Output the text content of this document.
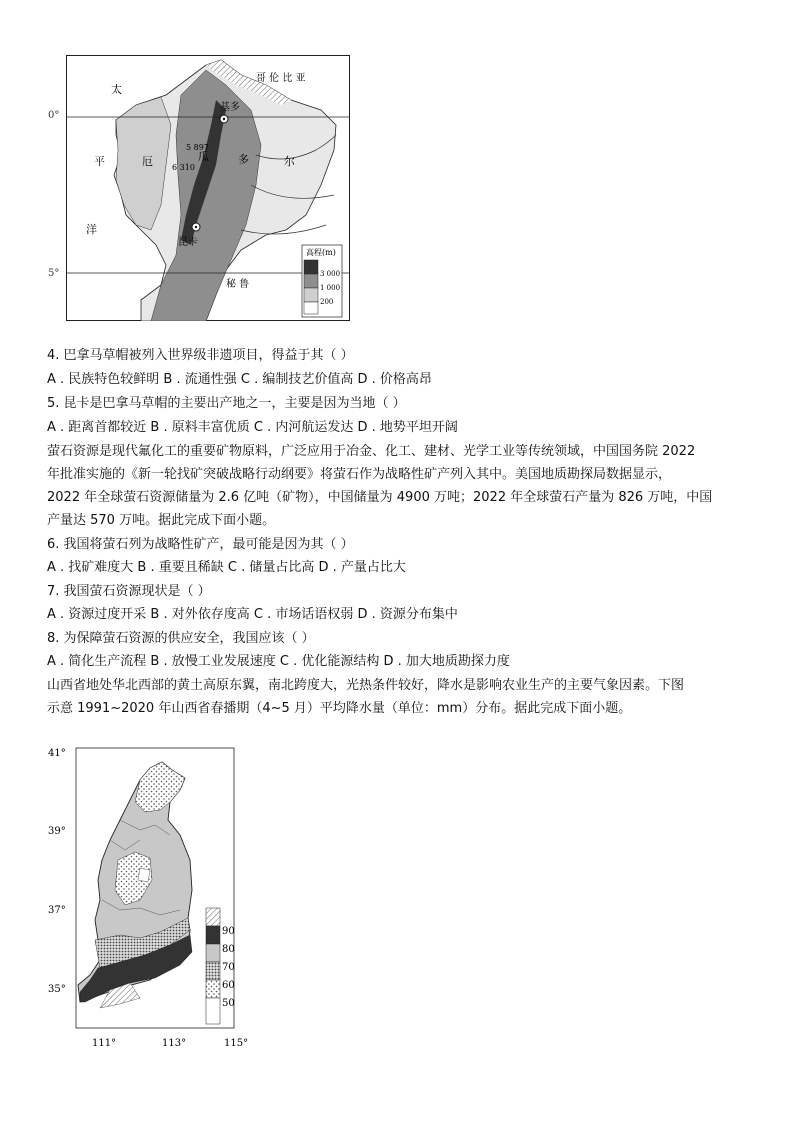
高程(m)
3 000
1 000
200
哥 伦 比 亚
太
平
洋
基多
厄	瓜	多	尔
5 897
6 310
昆卡
秘 鲁
0°
5°
4. 巴拿马草帽被列入世界级非遗项目，得益于其（ ）
A . 民族特色较鲜明 B . 流通性强 C . 编制技艺价值高 D . 价格高昂
5. 昆卡是巴拿马草帽的主要出产地之一，主要是因为当地（ ）
A . 距离首都较近 B . 原料丰富优质 C . 内河航运发达 D . 地势平坦开阔
萤石资源是现代氟化工的重要矿物原料，广泛应用于冶金、化工、建材、光学工业等传统领域，中国国务院 2022
年批准实施的《新一轮找矿突破战略行动纲要》将萤石作为战略性矿产列入其中。美国地质勘探局数据显示，
2022 年全球萤石资源储量为 2.6 亿吨（矿物），中国储量为 4900 万吨；2022 年全球萤石产量为 826 万吨，中国
产量达 570 万吨。据此完成下面小题。
6. 我国将萤石列为战略性矿产，最可能是因为其（ ）
A . 找矿难度大 B . 重要且稀缺 C . 储量占比高 D . 产量占比大
7. 我国萤石资源现状是（ ）
A . 资源过度开采 B . 对外依存度高 C . 市场话语权弱 D . 资源分布集中
8. 为保障萤石资源的供应安全，我国应该（ ）
A . 简化生产流程 B . 放慢工业发展速度 C . 优化能源结构 D . 加大地质勘探力度
山西省地处华北西部的黄土高原东翼，南北跨度大，光热条件较好，降水是影响农业生产的主要气象因素。下图
示意 1991~2020 年山西省春播期（4~5 月）平均降水量（单位：mm）分布。据此完成下面小题。
90
80
70
60
50
41°
39°
37°
35°
111°	113°	115°
